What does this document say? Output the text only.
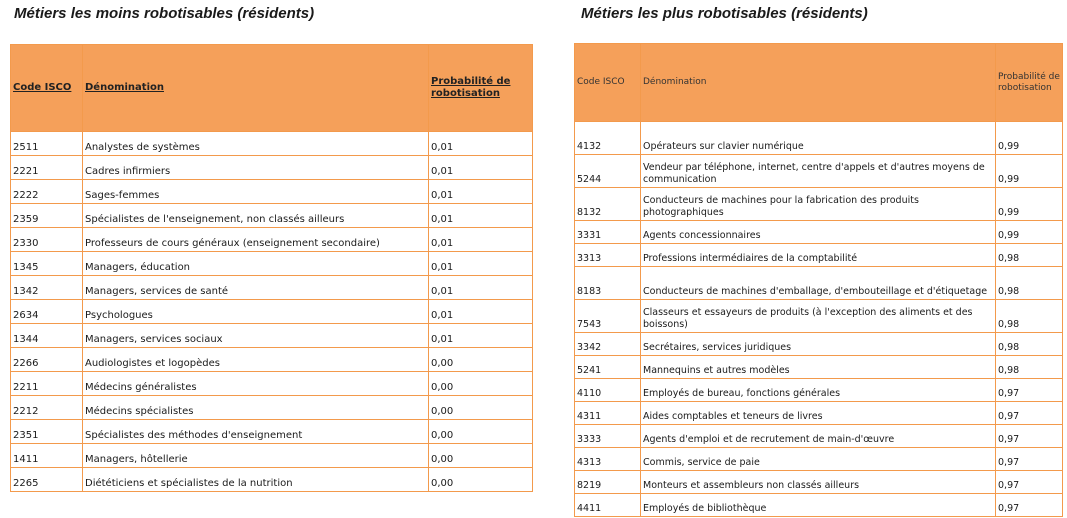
Métiers les moins robotisables (résidents)	Métiers les plus robotisables (résidents)
Code ISCO	Dénomination	Probabilité de robotisation
2511	Analystes de systèmes	0,01
2221	Cadres infirmiers	0,01
2222	Sages-femmes	0,01
2359	Spécialistes de l'enseignement, non classés ailleurs	0,01
2330	Professeurs de cours généraux (enseignement secondaire)	0,01
1345	Managers, éducation	0,01
1342	Managers, services de santé	0,01
2634	Psychologues	0,01
1344	Managers, services sociaux	0,01
2266	Audiologistes et logopèdes	0,00
2211	Médecins généralistes	0,00
2212	Médecins spécialistes	0,00
2351	Spécialistes des méthodes d'enseignement	0,00
1411	Managers, hôtellerie	0,00
2265	Diététiciens et spécialistes de la nutrition	0,00
Code ISCO	Dénomination	Probabilité de robotisation
4132	Opérateurs sur clavier numérique	0,99
5244	Vendeur par téléphone, internet, centre d'appels et d'autres moyens de communication	0,99
8132	Conducteurs de machines pour la fabrication des produits photographiques	0,99
3331	Agents concessionnaires	0,99
3313	Professions intermédiaires de la comptabilité	0,98
8183	Conducteurs de machines d'emballage, d'embouteillage et d'étiquetage	0,98
7543	Classeurs et essayeurs de produits (à l'exception des aliments et des boissons)	0,98
3342	Secrétaires, services juridiques	0,98
5241	Mannequins et autres modèles	0,98
4110	Employés de bureau, fonctions générales	0,97
4311	Aides comptables et teneurs de livres	0,97
3333	Agents d'emploi et de recrutement de main-d'œuvre	0,97
4313	Commis, service de paie	0,97
8219	Monteurs et assembleurs non classés ailleurs	0,97
4411	Employés de bibliothèque	0,97
